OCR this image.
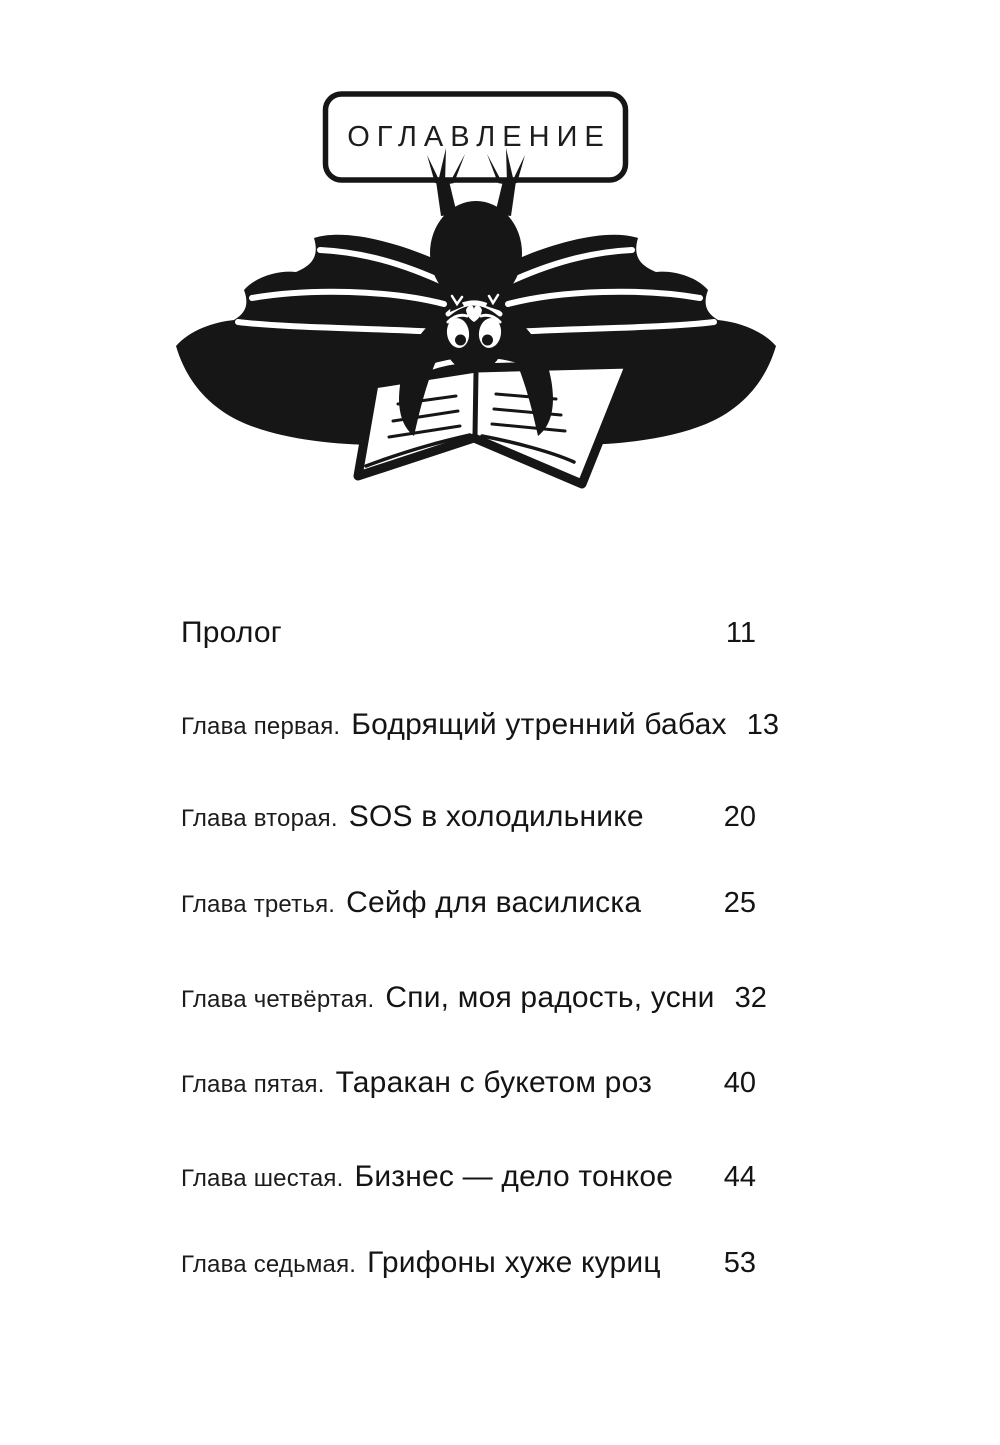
ОГЛАВЛЕНИЕ
Пролог	11
Глава первая. Бодрящий утренний бабах 13
Глава вторая. SOS в холодильнике	20
Глава третья. Сейф для василиска	25
Глава четвёртая. Спи, моя радость, усни 32
Глава пятая. Таракан с букетом роз 40
Глава шестая. Бизнес — дело тонкое 44
Глава седьмая. Грифоны хуже куриц 53
